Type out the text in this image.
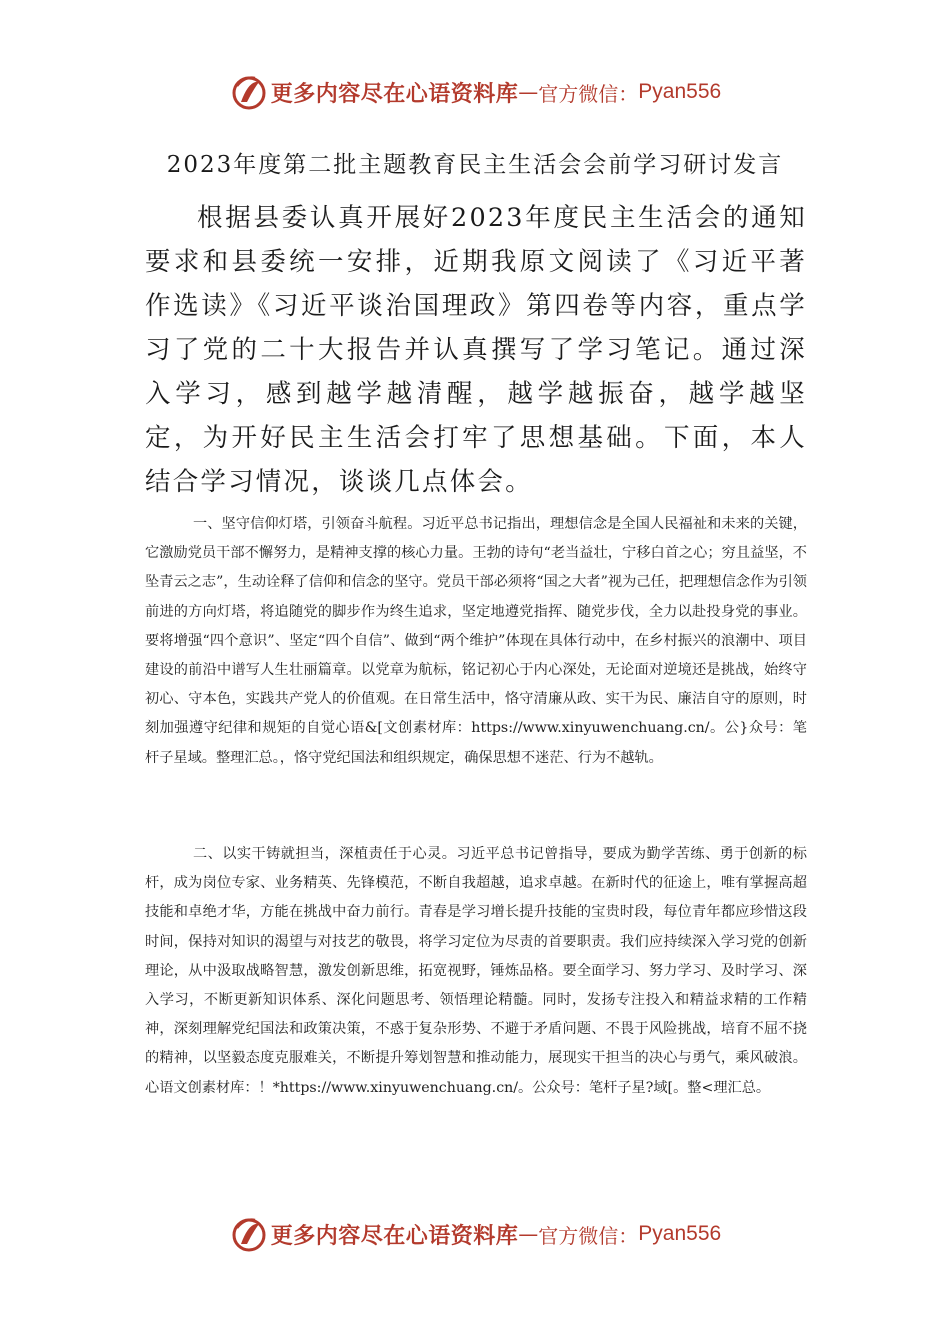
更多内容尽在心语资料库 — 官方微信： Pyan556
2023年度第二批主题教育民主生活会会前学习研讨发言

根据县委认真开展好2023年度民主生活会的通知要求和县委统一安排，近期我原文阅读了《习近平著作选读》《习近平谈治国理政》第四卷等内容，重点学习了党的二十大报告并认真撰写了学习笔记。通过深入学习，感到越学越清醒，越学越振奋，越学越坚定，为开好民主生活会打牢了思想基础。下面，本人结合学习情况，谈谈几点体会。

一、坚守信仰灯塔，引领奋斗航程。习近平总书记指出，理想信念是全国人民福祉和未来的关键，它激励党员干部不懈努力，是精神支撑的核心力量。王勃的诗句“老当益壮，宁移白首之心；穷且益坚，不坠青云之志”，生动诠释了信仰和信念的坚守。党员干部必须将“国之大者”视为己任，把理想信念作为引领前进的方向灯塔，将追随党的脚步作为终生追求，坚定地遵党指挥、随党步伐，全力以赴投身党的事业。要将增强“四个意识”、坚定“四个自信”、做到“两个维护”体现在具体行动中，在乡村振兴的浪潮中、项目建设的前沿中谱写人生壮丽篇章。以党章为航标，铭记初心于内心深处，无论面对逆境还是挑战，始终守初心、守本色，实践共产党人的价值观。在日常生活中，恪守清廉从政、实干为民、廉洁自守的原则，时刻加强遵守纪律和规矩的自觉心语&[文创素材库：https://www.xinyuwenchuang.cn/。公}众号：笔杆子星域。整理汇总。，恪守党纪国法和组织规定，确保思想不迷茫、行为不越轨。

二、以实干铸就担当，深植责任于心灵。习近平总书记曾指导，要成为勤学苦练、勇于创新的标杆，成为岗位专家、业务精英、先锋模范，不断自我超越，追求卓越。在新时代的征途上，唯有掌握高超技能和卓绝才华，方能在挑战中奋力前行。青春是学习增长提升技能的宝贵时段，每位青年都应珍惜这段时间，保持对知识的渴望与对技艺的敬畏，将学习定位为尽责的首要职责。我们应持续深入学习党的创新理论，从中汲取战略智慧，激发创新思维，拓宽视野，锤炼品格。要全面学习、努力学习、及时学习、深入学习，不断更新知识体系、深化问题思考、领悟理论精髓。同时，发扬专注投入和精益求精的工作精神，深刻理解党纪国法和政策决策，不惑于复杂形势、不避于矛盾问题、不畏于风险挑战，培育不屈不挠的精神，以坚毅态度克服难关，不断提升筹划智慧和推动能力，展现实干担当的决心与勇气，乘风破浪。心语文创素材库：！*https://www.xinyuwenchuang.cn/。公众号：笔杆子星?域[。整<理汇总。

更多内容尽在心语资料库 — 官方微信： Pyan556
